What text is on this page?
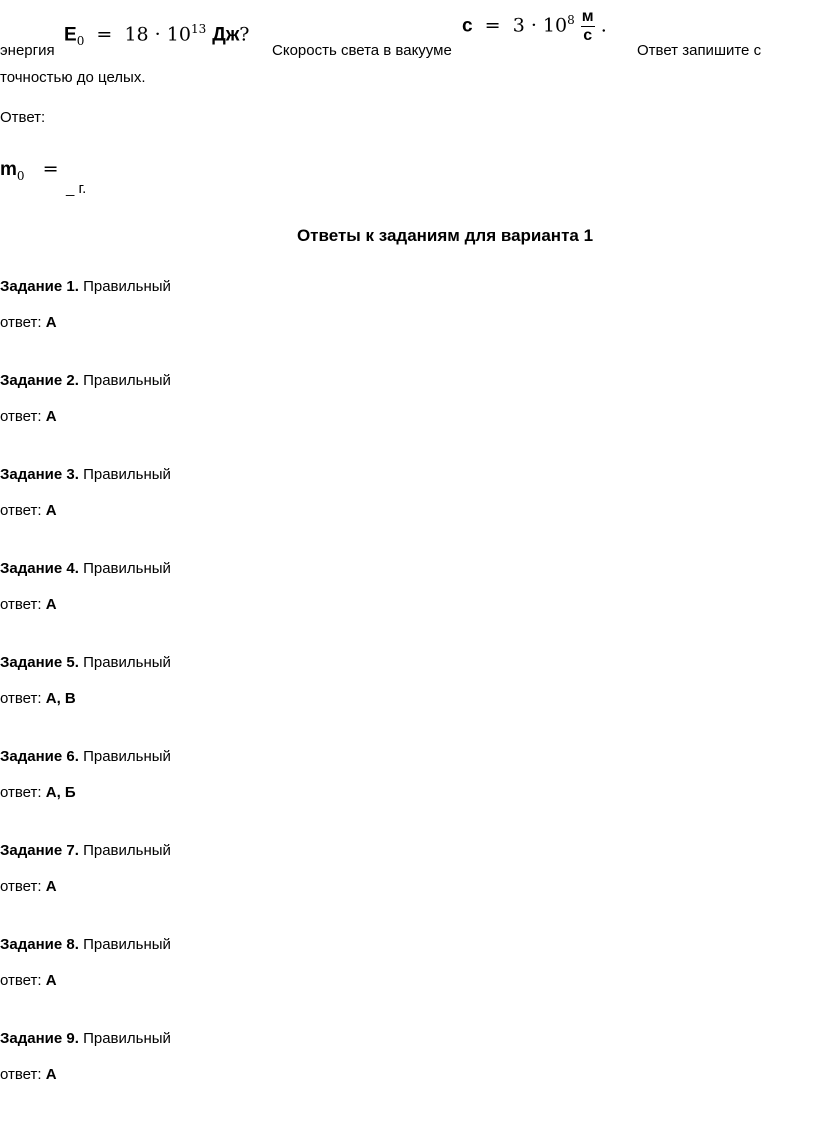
энергия
$E_0 = 18 \cdot 10^{13}$ Дж?
Скорость света в вакууме
$c = 3 \cdot 10^8 \frac{м}{с}$ .
Ответ запишите с
точностью до целых.
Ответ:
$m_0$ =
_ г.
Ответы к заданиям для варианта 1
Задание 1. Правильный
ответ: А
Задание 2. Правильный
ответ: А
Задание 3. Правильный
ответ: А
Задание 4. Правильный
ответ: А
Задание 5. Правильный
ответ: А, В
Задание 6. Правильный
ответ: А, Б
Задание 7. Правильный
ответ: А
Задание 8. Правильный
ответ: А
Задание 9. Правильный
ответ: А
